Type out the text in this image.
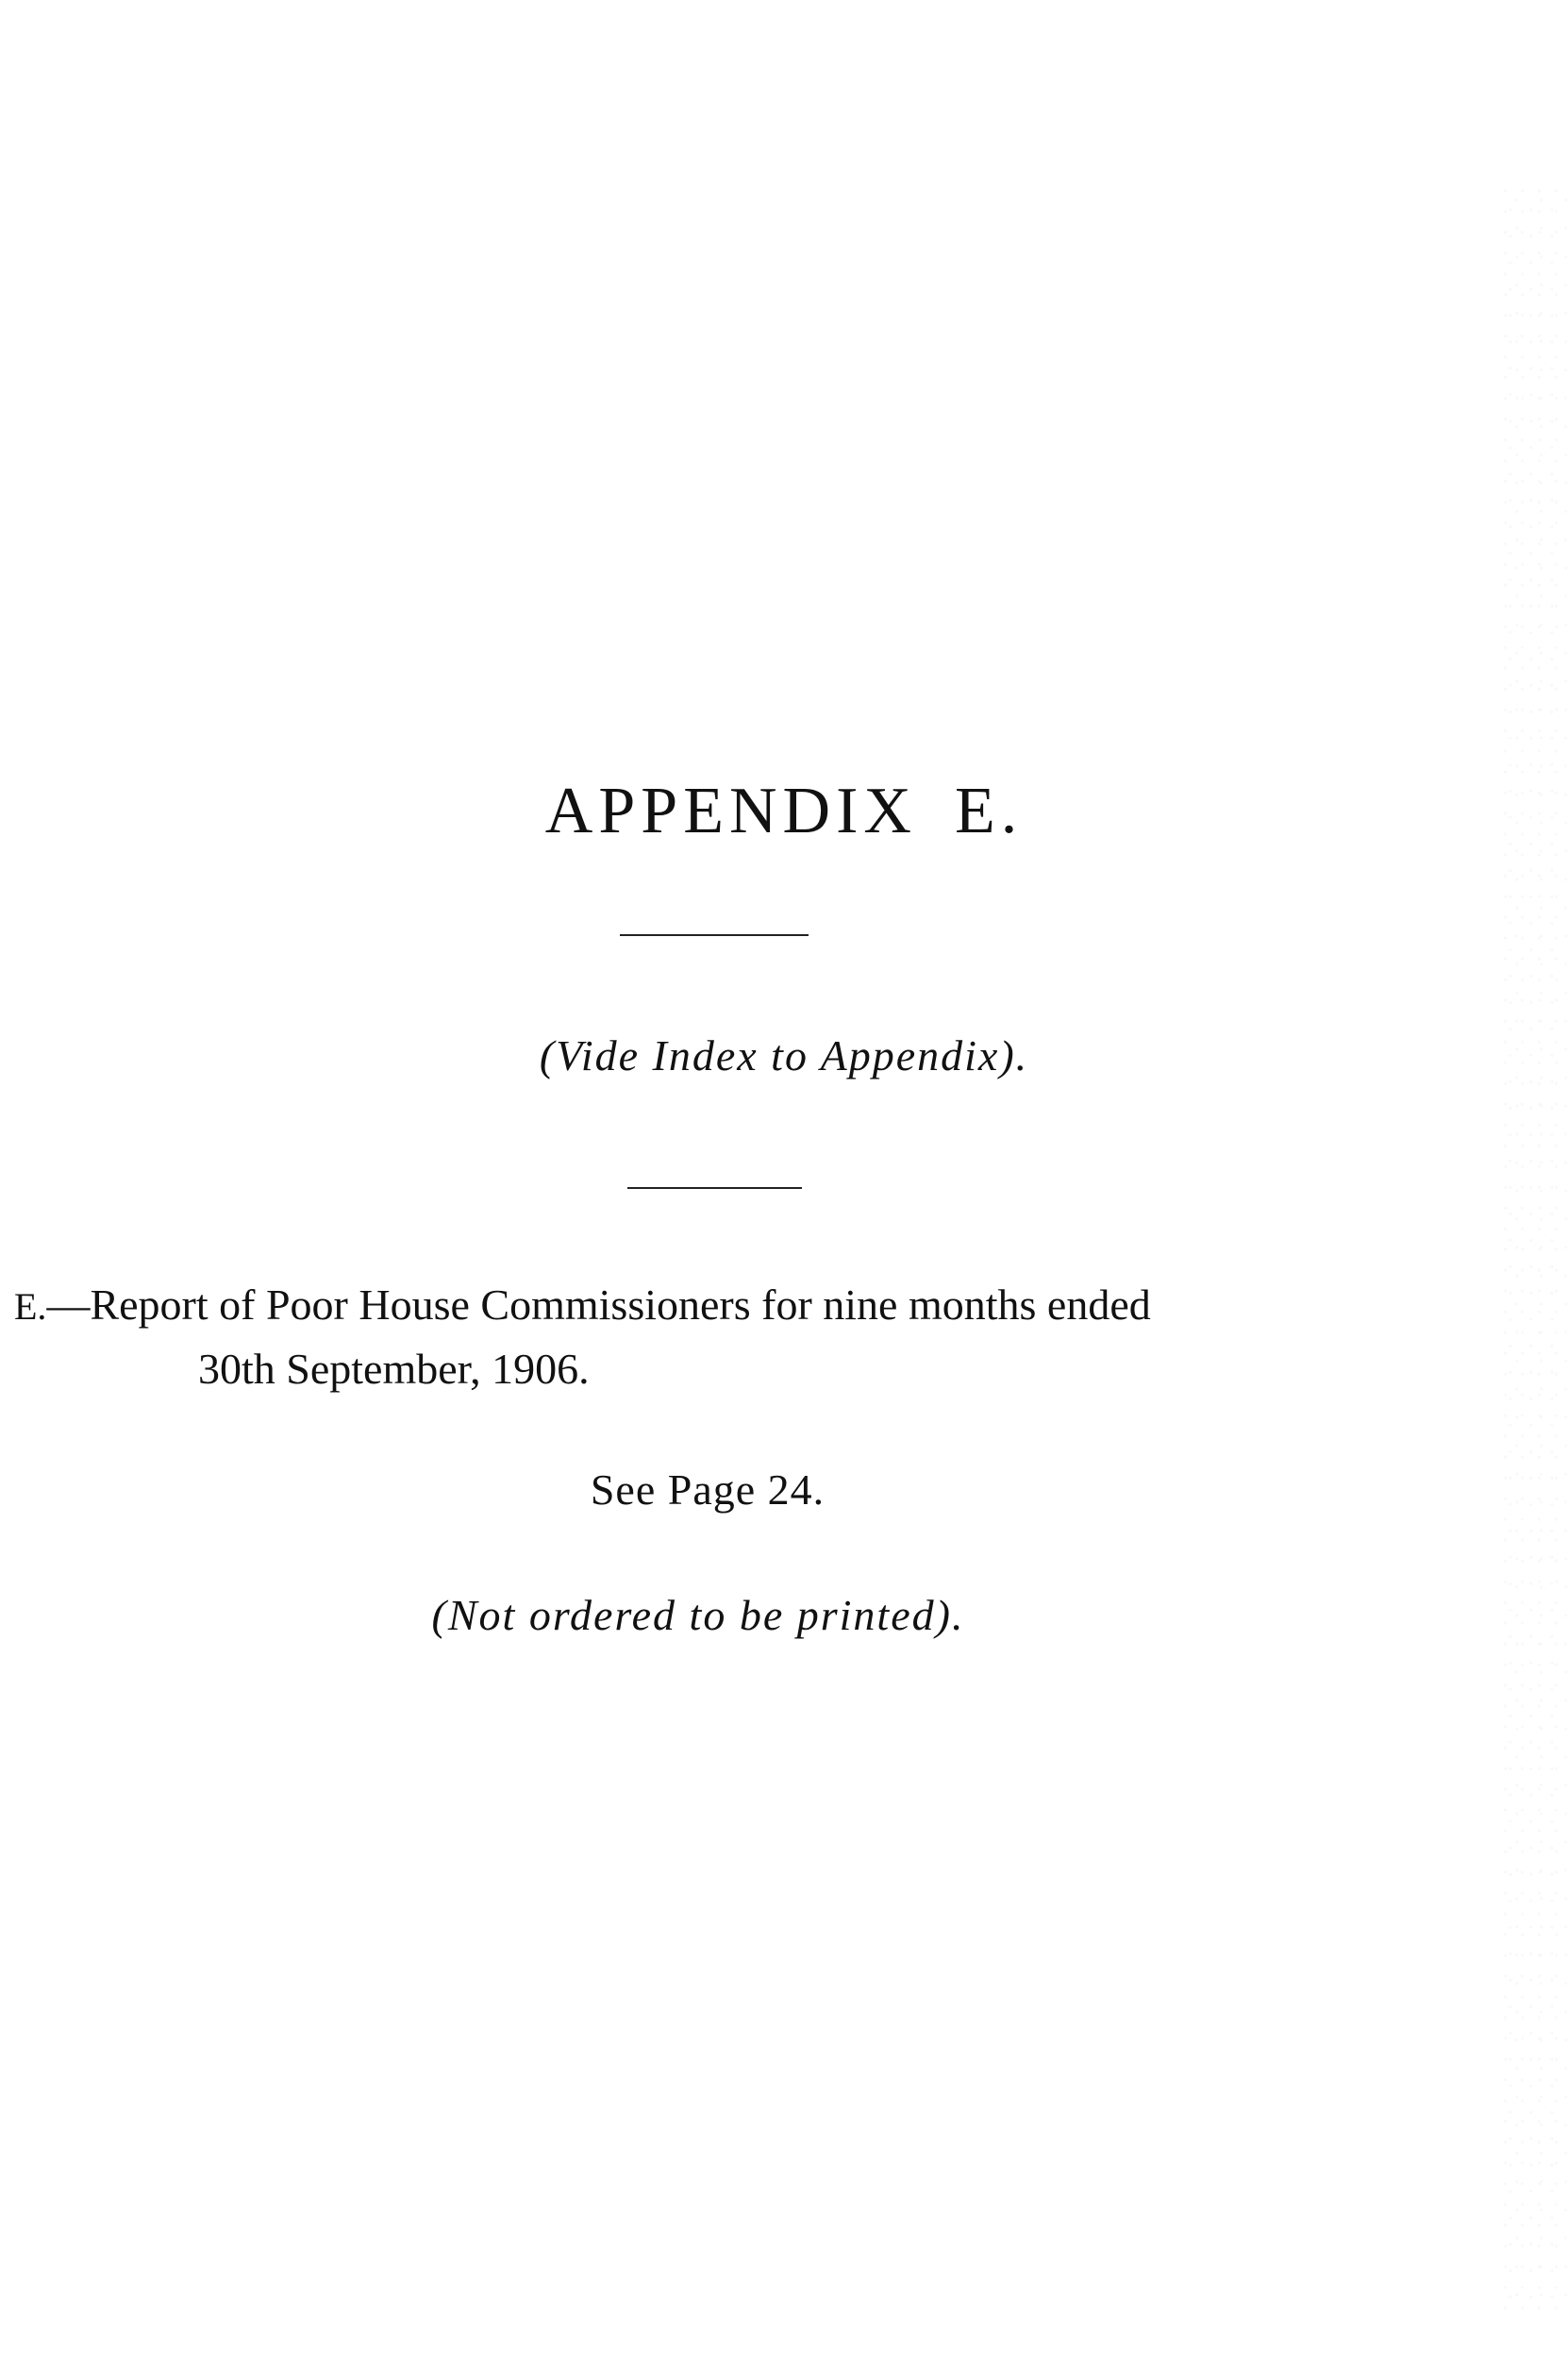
APPENDIX E.
(Vide Index to Appendix).
E.—Report of Poor House Commissioners for nine months ended
30th September, 1906.
See Page 24.
(Not ordered to be printed).
